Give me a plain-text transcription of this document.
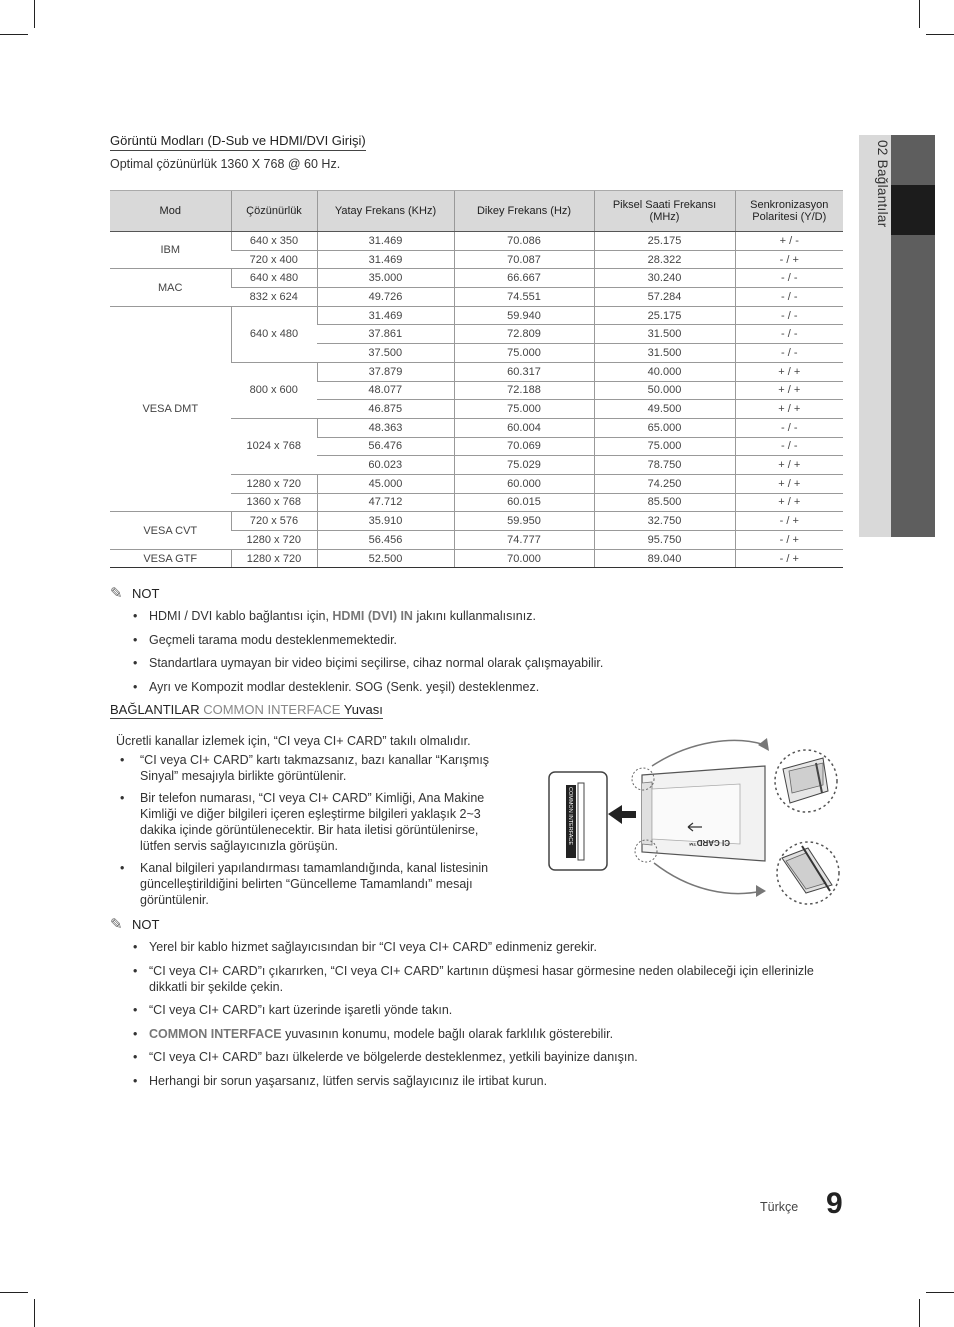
02 Bağlantılar
Görüntü Modları (D-Sub ve HDMI/DVI Girişi)
Optimal çözünürlük 1360 X 768 @ 60 Hz.
Mod	Çözünürlük	Yatay Frekans (KHz)	Dikey Frekans (Hz)	Piksel Saati Frekansı (MHz)	Senkronizasyon Polaritesi (Y/D)
IBM	640 x 350	31.469	70.086	25.175	+ / -
	720 x 400	31.469	70.087	28.322	- / +
MAC	640 x 480	35.000	66.667	30.240	- / -
	832 x 624	49.726	74.551	57.284	- / -
VESA DMT	640 x 480	31.469	59.940	25.175	- / -
		37.861	72.809	31.500	- / -
		37.500	75.000	31.500	- / -
	800 x 600	37.879	60.317	40.000	+ / +
		48.077	72.188	50.000	+ / +
		46.875	75.000	49.500	+ / +
	1024 x 768	48.363	60.004	65.000	- / -
		56.476	70.069	75.000	- / -
		60.023	75.029	78.750	+ / +
	1280 x 720	45.000	60.000	74.250	+ / +
	1360 x 768	47.712	60.015	85.500	+ / +
VESA CVT	720 x 576	35.910	59.950	32.750	- / +
	1280 x 720	56.456	74.777	95.750	- / +
VESA GTF	1280 x 720	52.500	70.000	89.040	- / +
✎ NOT
• HDMI / DVI kablo bağlantısı için, HDMI (DVI) IN jakını kullanmalısınız.
• Geçmeli tarama modu desteklenmemektedir.
• Standartlara uymayan bir video biçimi seçilirse, cihaz normal olarak çalışmayabilir.
• Ayrı ve Kompozit modlar desteklenir. SOG (Senk. yeşil) desteklenmez.
BAĞLANTILAR COMMON INTERFACE Yuvası
Ücretli kanallar izlemek için, “CI veya CI+ CARD” takılı olmalıdır.
• “CI veya CI+ CARD” kartı takmazsanız, bazı kanallar “Karışmış Sinyal” mesajıyla birlikte görüntülenir.
• Bir telefon numarası, “CI veya CI+ CARD” Kimliği, Ana Makine Kimliği ve diğer bilgileri içeren eşleştirme bilgileri yaklaşık 2~3 dakika içinde görüntülenecektir. Bir hata iletisi görüntülenirse, lütfen servis sağlayıcınızla görüşün.
• Kanal bilgileri yapılandırması tamamlandığında, kanal listesinin güncelleştirildiğini belirten “Güncelleme Tamamlandı” mesajı görüntülenir.
COMMON INTERFACE	CI CARD™
✎ NOT
• Yerel bir kablo hizmet sağlayıcısından bir “CI veya CI+ CARD” edinmeniz gerekir.
• “CI veya CI+ CARD”ı çıkarırken, “CI veya CI+ CARD” kartının düşmesi hasar görmesine neden olabileceği için ellerinizle dikkatli bir şekilde çekin.
• “CI veya CI+ CARD”ı kart üzerinde işaretli yönde takın.
• COMMON INTERFACE yuvasının konumu, modele bağlı olarak farklılık gösterebilir.
• “CI veya CI+ CARD” bazı ülkelerde ve bölgelerde desteklenmez, yetkili bayinize danışın.
• Herhangi bir sorun yaşarsanız, lütfen servis sağlayıcınız ile irtibat kurun.
Türkçe 9
